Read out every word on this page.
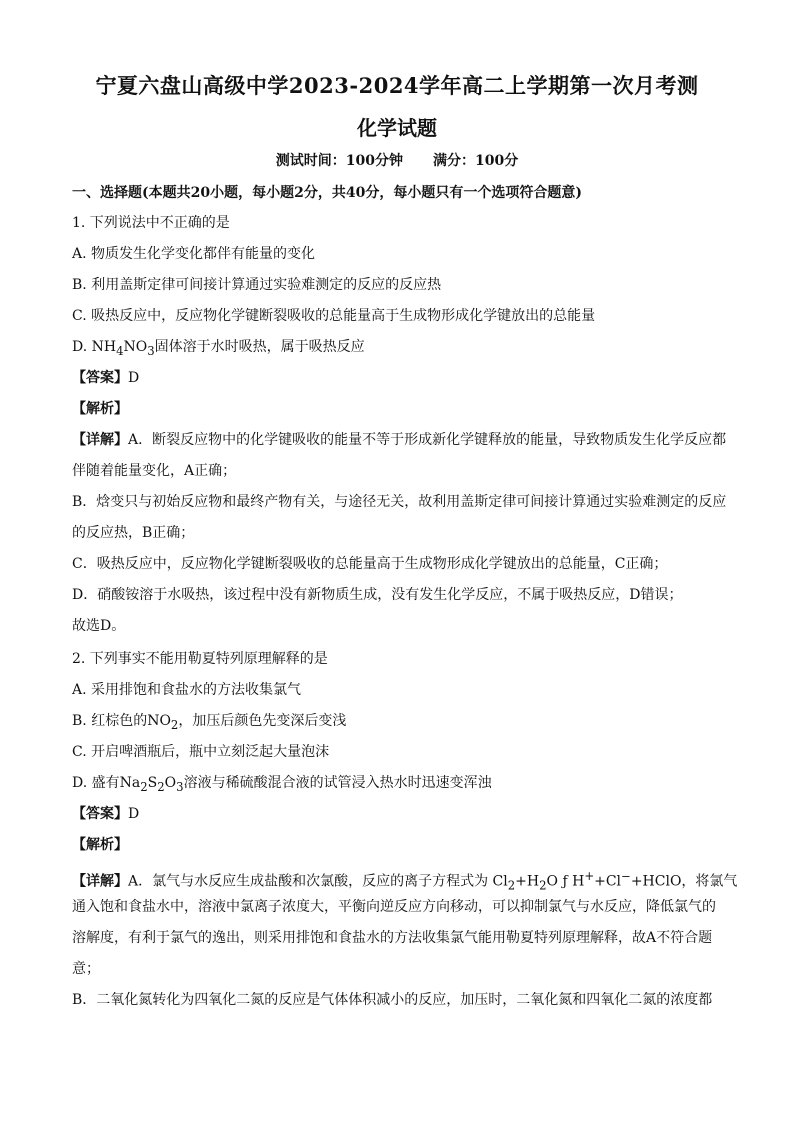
宁夏六盘山高级中学2023-2024学年高二上学期第一次月考测
化学试题
测试时间：100分钟 满分：100分
一、选择题(本题共20小题，每小题2分，共40分，每小题只有一个选项符合题意)
1. 下列说法中不正确的是
A. 物质发生化学变化都伴有能量的变化
B. 利用盖斯定律可间接计算通过实验难测定的反应的反应热
C. 吸热反应中，反应物化学键断裂吸收的总能量高于生成物形成化学键放出的总能量
D. $NH_4NO_3$固体溶于水时吸热，属于吸热反应
【答案】D
【解析】
【详解】A．断裂反应物中的化学键吸收的能量不等于形成新化学键释放的能量，导致物质发生化学反应都
伴随着能量变化，A正确；
B．焓变只与初始反应物和最终产物有关，与途径无关，故利用盖斯定律可间接计算通过实验难测定的反应
的反应热，B正确；
C．吸热反应中，反应物化学键断裂吸收的总能量高于生成物形成化学键放出的总能量，C正确；
D．硝酸铵溶于水吸热，该过程中没有新物质生成，没有发生化学反应，不属于吸热反应，D错误；
故选D。
2. 下列事实不能用勒夏特列原理解释的是
A. 采用排饱和食盐水的方法收集氯气
B. 红棕色的$NO_2$，加压后颜色先变深后变浅
C. 开启啤酒瓶后，瓶中立刻泛起大量泡沫
D. 盛有$Na_2S_2O_3$溶液与稀硫酸混合液的试管浸入热水时迅速变浑浊
【答案】D
【解析】
【详解】A．氯气与水反应生成盐酸和次氯酸，反应的离子方程式为 $Cl_2+H_2O$ ƒ H++Cl−+HClO，将氯气
通入饱和食盐水中，溶液中氯离子浓度大，平衡向逆反应方向移动，可以抑制氯气与水反应，降低氯气的
溶解度，有利于氯气的逸出，则采用排饱和食盐水的方法收集氯气能用勒夏特列原理解释，故A不符合题
意；
B．二氧化氮转化为四氧化二氮的反应是气体体积减小的反应，加压时，二氧化氮和四氧化二氮的浓度都
